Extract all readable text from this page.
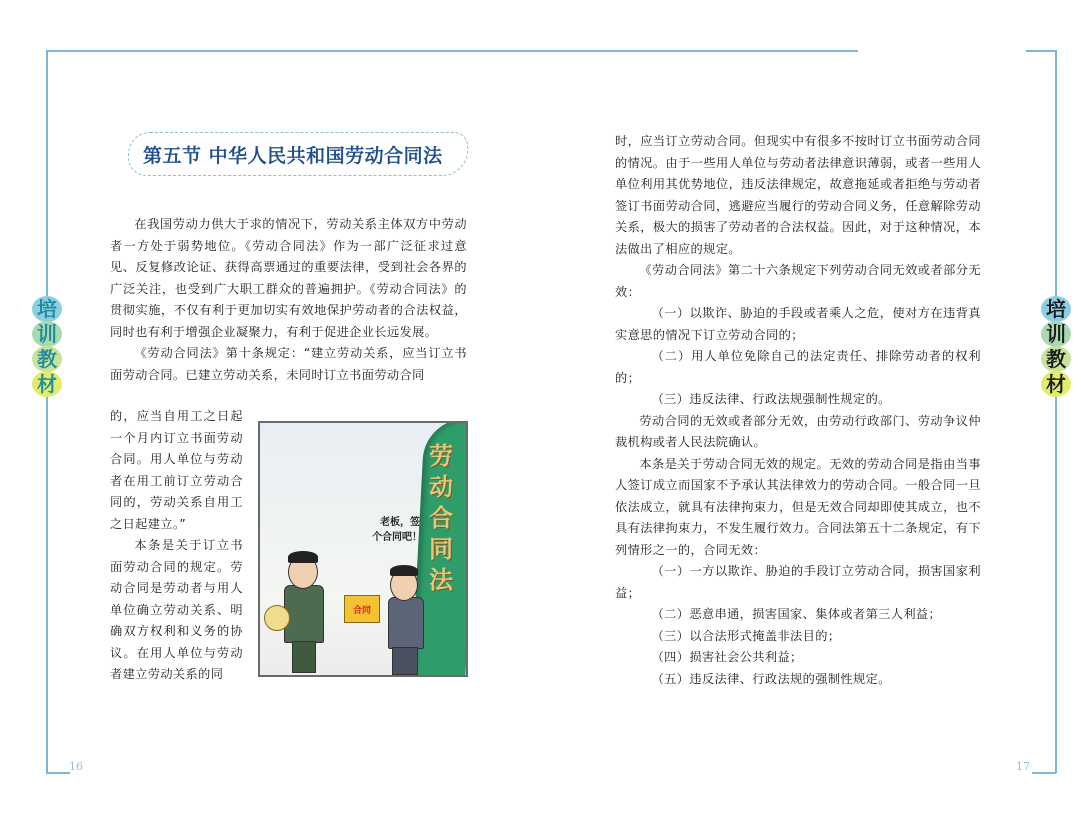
培
训
教
材
培
训
教
材
16	17
第五节 中华人民共和国劳动合同法

在我国劳动力供大于求的情况下，劳动关系主体双方中劳动者一方处于弱势地位。《劳动合同法》作为一部广泛征求过意见、反复修改论证、获得高票通过的重要法律，受到社会各界的广泛关注，也受到广大职工群众的普遍拥护。《劳动合同法》的贯彻实施，不仅有利于更加切实有效地保护劳动者的合法权益，同时也有利于增强企业凝聚力，有利于促进企业长远发展。

《劳动合同法》第十条规定：“建立劳动关系，应当订立书面劳动合同。已建立劳动关系，未同时订立书面劳动合同

的，应当自用工之日起一个月内订立书面劳动合同。用人单位与劳动者在用工前订立劳动合同的，劳动关系自用工之日起建立。”

本条是关于订立书面劳动合同的规定。劳动合同是劳动者与用人单位确立劳动关系、明确双方权利和义务的协议。在用人单位与劳动者建立劳动关系的同

劳动合同法
老板，签
个合同吧！
合同

时，应当订立劳动合同。但现实中有很多不按时订立书面劳动合同的情况。由于一些用人单位与劳动者法律意识薄弱，或者一些用人单位利用其优势地位，违反法律规定，故意拖延或者拒绝与劳动者签订书面劳动合同，逃避应当履行的劳动合同义务，任意解除劳动关系，极大的损害了劳动者的合法权益。因此，对于这种情况，本法做出了相应的规定。

《劳动合同法》第二十六条规定下列劳动合同无效或者部分无效：

（一）以欺诈、胁迫的手段或者乘人之危，使对方在违背真实意思的情况下订立劳动合同的；

（二）用人单位免除自己的法定责任、排除劳动者的权利的；

（三）违反法律、行政法规强制性规定的。

劳动合同的无效或者部分无效，由劳动行政部门、劳动争议仲裁机构或者人民法院确认。

本条是关于劳动合同无效的规定。无效的劳动合同是指由当事人签订成立而国家不予承认其法律效力的劳动合同。一般合同一旦依法成立，就具有法律拘束力，但是无效合同却即使其成立，也不具有法律拘束力，不发生履行效力。合同法第五十二条规定，有下列情形之一的，合同无效：

（一）一方以欺诈、胁迫的手段订立劳动合同，损害国家利益；

（二）恶意串通，损害国家、集体或者第三人利益；

（三）以合法形式掩盖非法目的；

（四）损害社会公共利益；

（五）违反法律、行政法规的强制性规定。
